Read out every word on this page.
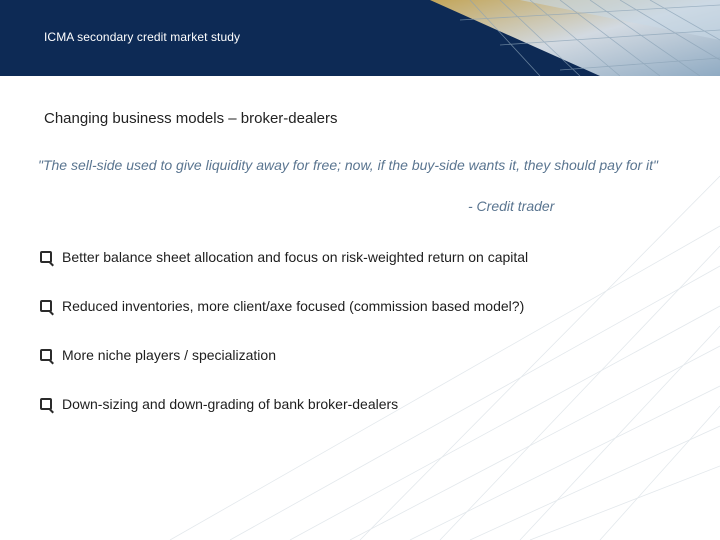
ICMA secondary credit market study
Changing business models – broker-dealers
"The sell-side used to give liquidity away for free; now, if the buy-side wants it, they should pay for it"
- Credit trader
Better balance sheet allocation and focus on risk-weighted return on capital
Reduced inventories, more client/axe focused (commission based model?)
More niche players / specialization
Down-sizing and down-grading of bank broker-dealers
